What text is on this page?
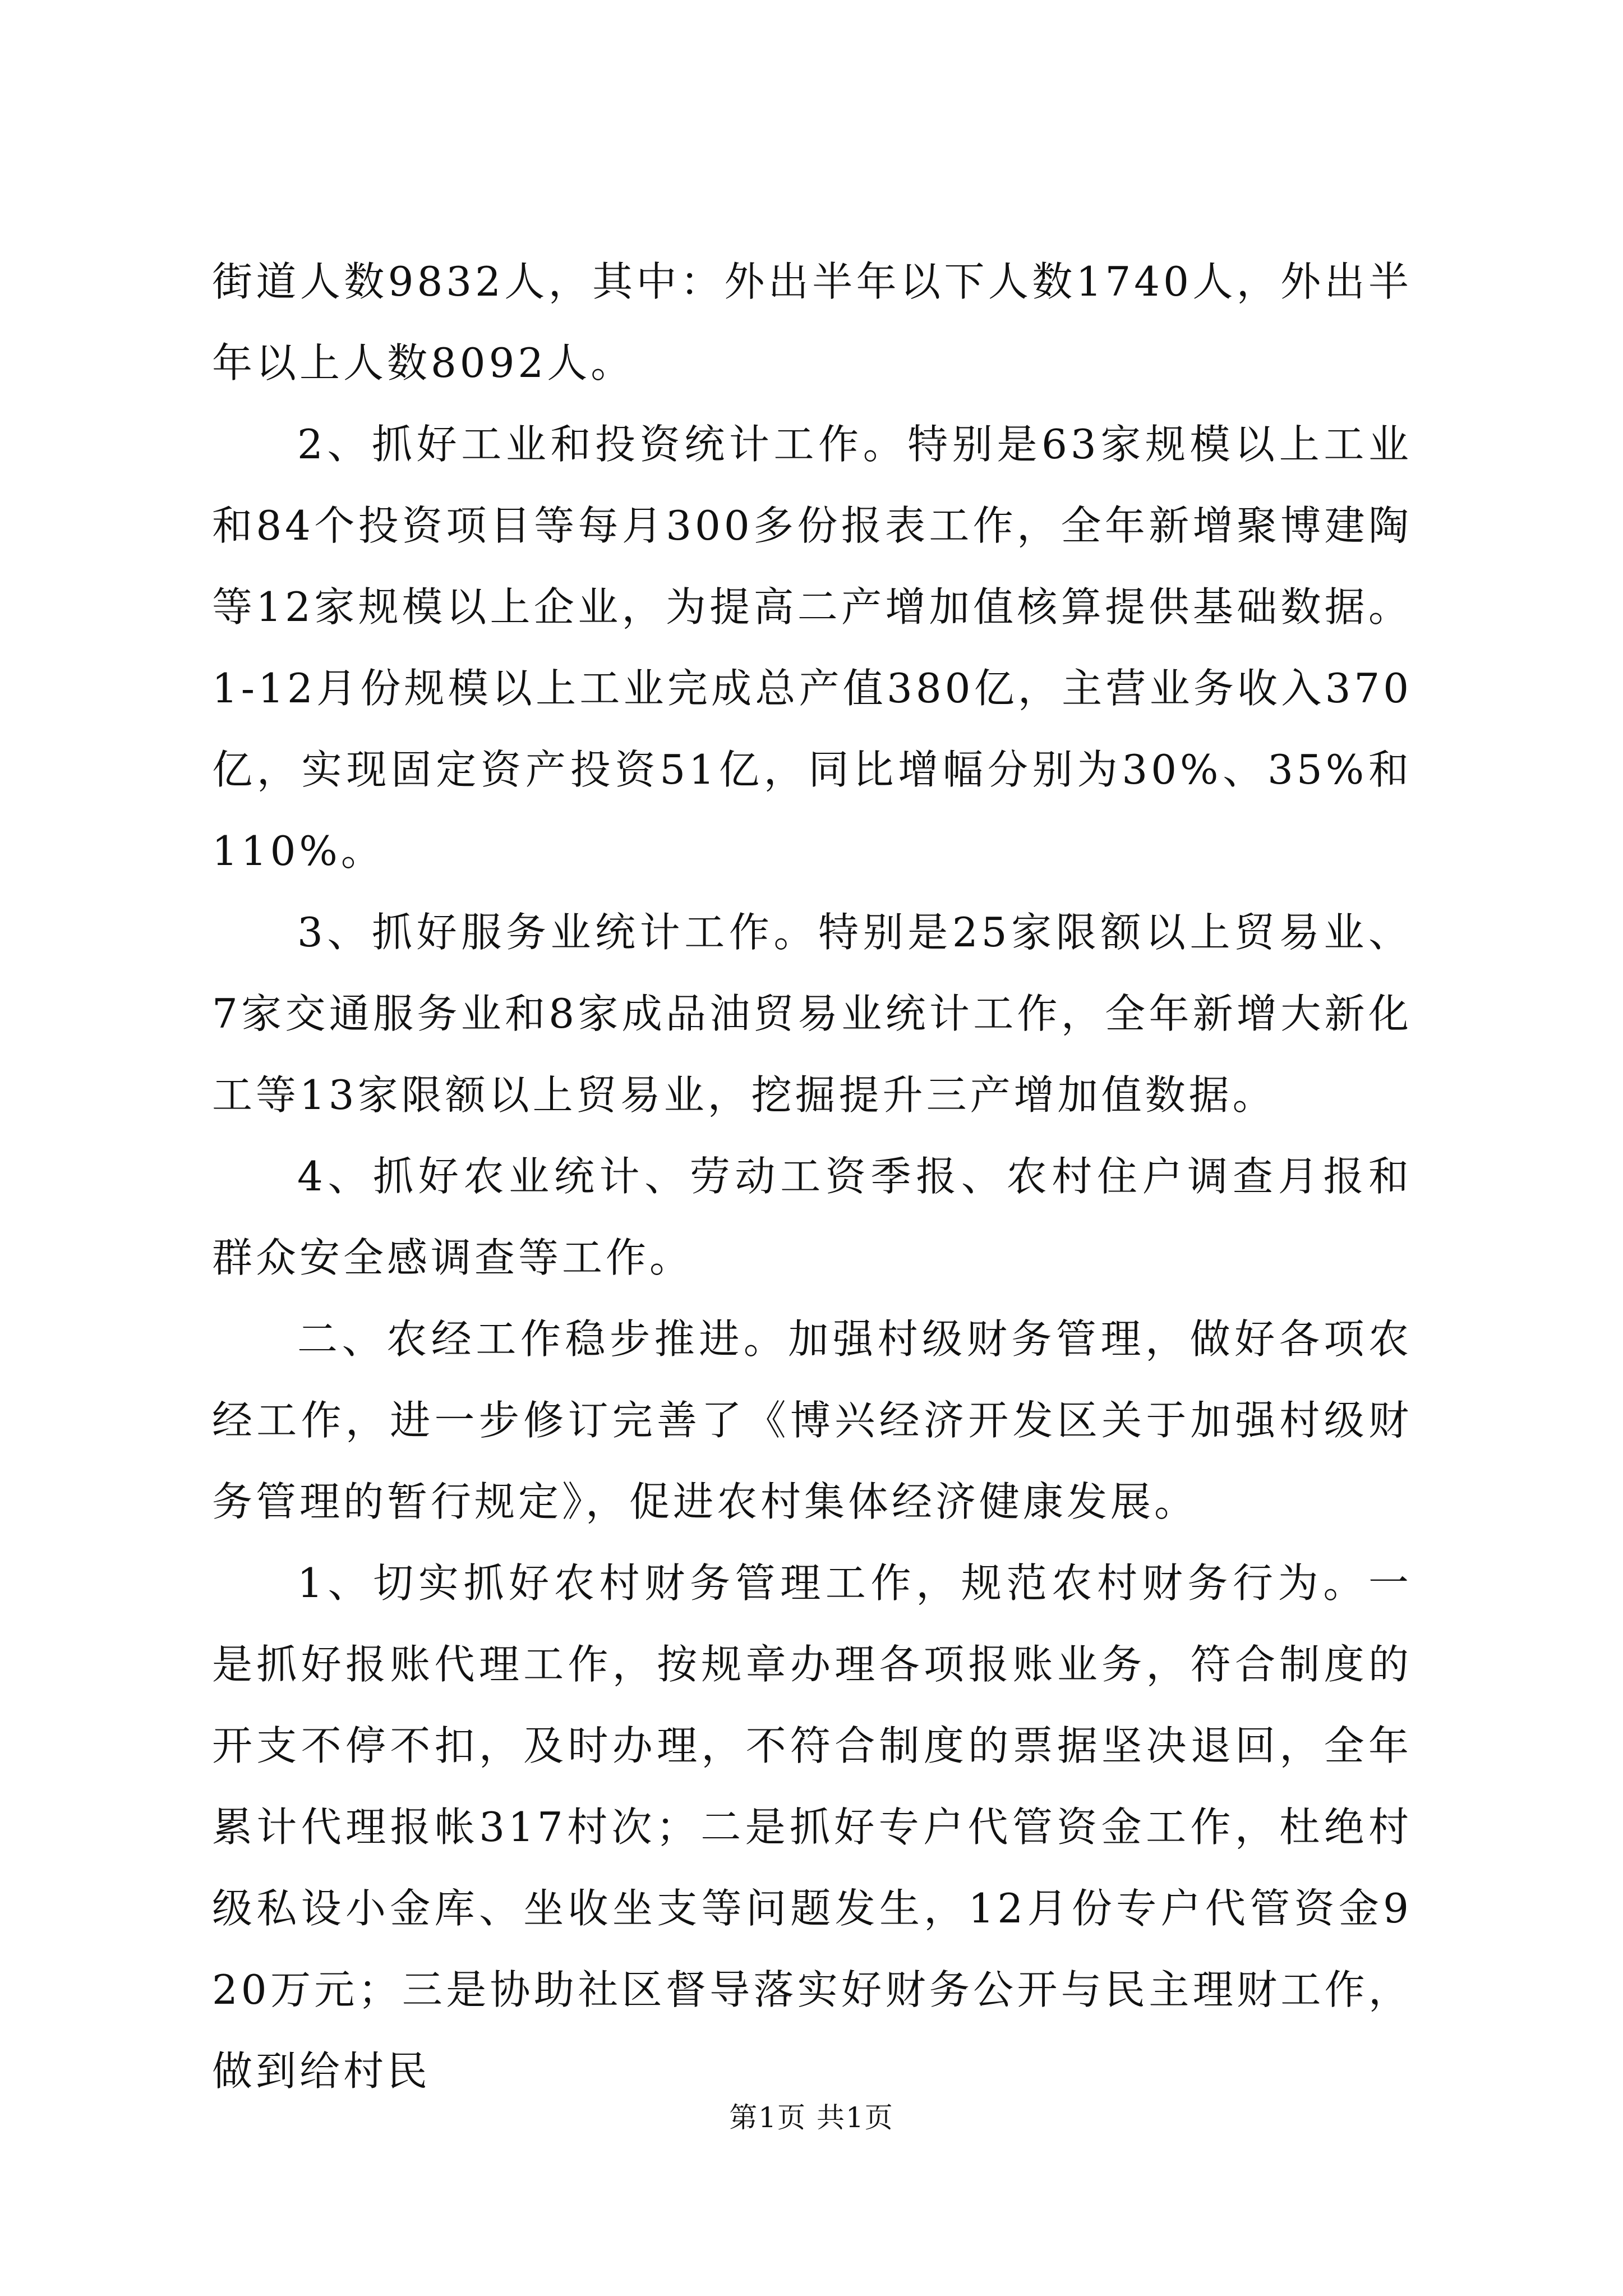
街道人数9832人，其中：外出半年以下人数1740人，外出半年以上人数8092人。

2、抓好工业和投资统计工作。特别是63家规模以上工业和84个投资项目等每月300多份报表工作，全年新增聚博建陶等12家规模以上企业，为提高二产增加值核算提供基础数据。1-12月份规模以上工业完成总产值380亿，主营业务收入370亿，实现固定资产投资51亿，同比增幅分别为30%、35%和110%。

3、抓好服务业统计工作。特别是25家限额以上贸易业、7家交通服务业和8家成品油贸易业统计工作，全年新增大新化工等13家限额以上贸易业，挖掘提升三产增加值数据。

4、抓好农业统计、劳动工资季报、农村住户调查月报和群众安全感调查等工作。

二、农经工作稳步推进。加强村级财务管理，做好各项农经工作，进一步修订完善了《博兴经济开发区关于加强村级财务管理的暂行规定》，促进农村集体经济健康发展。

1、切实抓好农村财务管理工作，规范农村财务行为。一是抓好报账代理工作，按规章办理各项报账业务，符合制度的开支不停不扣，及时办理，不符合制度的票据坚决退回，全年累计代理报帐317村次；二是抓好专户代管资金工作，杜绝村级私设小金库、坐收坐支等问题发生，12月份专户代管资金920万元；三是协助社区督导落实好财务公开与民主理财工作，做到给村民

第1页 共1页
